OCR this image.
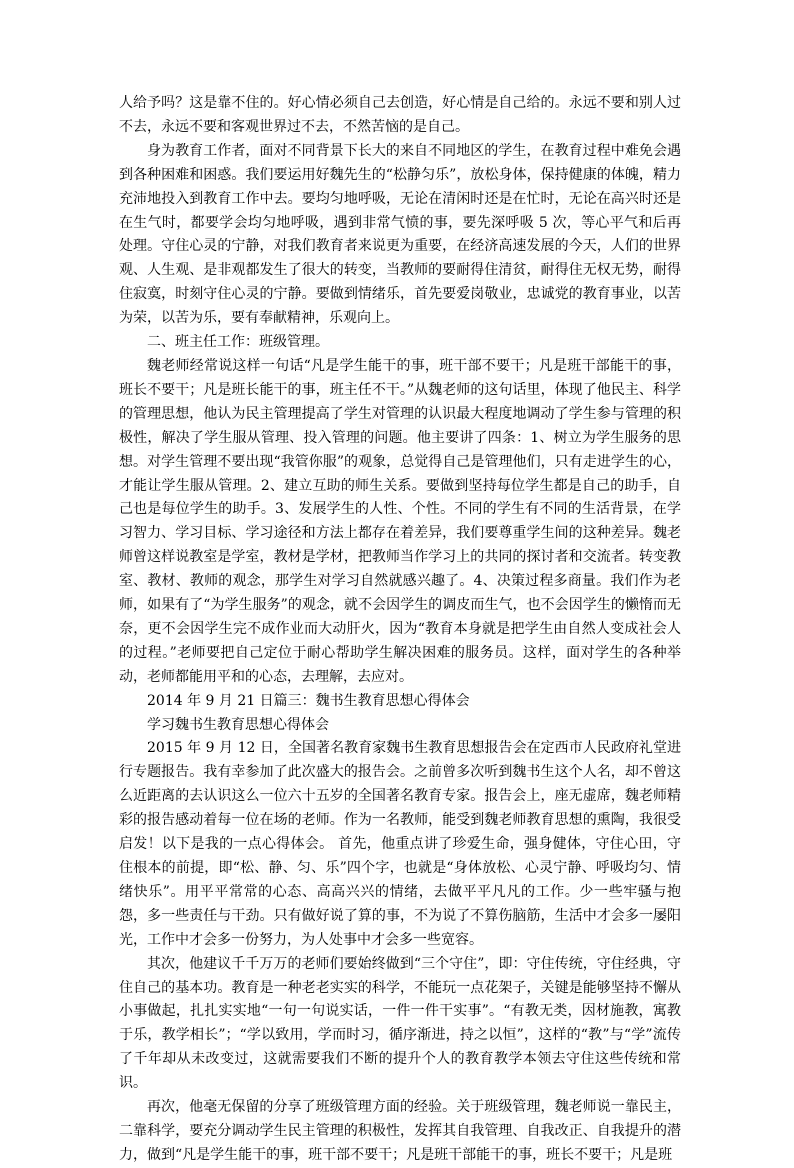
人给予吗？这是靠不住的。好心情必须自己去创造，好心情是自己给的。永远不要和别人过不去，永远不要和客观世界过不去，不然苦恼的是自己。

身为教育工作者，面对不同背景下长大的来自不同地区的学生，在教育过程中难免会遇到各种困难和困惑。我们要运用好魏先生的“松静匀乐”，放松身体，保持健康的体魄，精力充沛地投入到教育工作中去。要均匀地呼吸，无论在清闲时还是在忙时，无论在高兴时还是在生气时，都要学会均匀地呼吸，遇到非常气愤的事，要先深呼吸 5 次，等心平气和后再处理。守住心灵的宁静，对我们教育者来说更为重要，在经济高速发展的今天，人们的世界观、人生观、是非观都发生了很大的转变，当教师的要耐得住清贫，耐得住无权无势，耐得住寂寞，时刻守住心灵的宁静。要做到情绪乐，首先要爱岗敬业，忠诚党的教育事业，以苦为荣，以苦为乐，要有奉献精神，乐观向上。

二、班主任工作：班级管理。

魏老师经常说这样一句话“凡是学生能干的事，班干部不要干；凡是班干部能干的事，班长不要干；凡是班长能干的事，班主任不干。”从魏老师的这句话里，体现了他民主、科学的管理思想，他认为民主管理提高了学生对管理的认识最大程度地调动了学生参与管理的积极性，解决了学生服从管理、投入管理的问题。他主要讲了四条：1、树立为学生服务的思想。对学生管理不要出现“我管你服”的观象，总觉得自己是管理他们，只有走进学生的心，才能让学生服从管理。2、建立互助的师生关系。要做到坚持每位学生都是自己的助手，自己也是每位学生的助手。3、发展学生的人性、个性。不同的学生有不同的生活背景，在学习智力、学习目标、学习途径和方法上都存在着差异，我们要尊重学生间的这种差异。魏老师曾这样说教室是学室，教材是学材，把教师当作学习上的共同的探讨者和交流者。转变教室、教材、教师的观念，那学生对学习自然就感兴趣了。4、决策过程多商量。我们作为老师，如果有了“为学生服务”的观念，就不会因学生的调皮而生气，也不会因学生的懒惰而无奈，更不会因学生完不成作业而大动肝火，因为“教育本身就是把学生由自然人变成社会人的过程。”老师要把自己定位于耐心帮助学生解决困难的服务员。这样，面对学生的各种举动，老师都能用平和的心态，去理解，去应对。

2014 年 9 月 21 日篇三：魏书生教育思想心得体会

学习魏书生教育思想心得体会

2015 年 9 月 12 日，全国著名教育家魏书生教育思想报告会在定西市人民政府礼堂进行专题报告。我有幸参加了此次盛大的报告会。之前曾多次听到魏书生这个人名，却不曾这么近距离的去认识这么一位六十五岁的全国著名教育专家。报告会上，座无虚席，魏老师精彩的报告感动着每一位在场的老师。作为一名教师，能受到魏老师教育思想的熏陶，我很受启发！以下是我的一点心得体会。 首先，他重点讲了珍爱生命，强身健体，守住心田，守住根本的前提，即“松、静、匀、乐”四个字，也就是“身体放松、心灵宁静、呼吸均匀、情绪快乐”。用平平常常的心态、高高兴兴的情绪，去做平平凡凡的工作。少一些牢骚与抱怨，多一些责任与干劲。只有做好说了算的事，不为说了不算伤脑筋，生活中才会多一屡阳光，工作中才会多一份努力，为人处事中才会多一些宽容。

其次，他建议千千万万的老师们要始终做到“三个守住”，即：守住传统，守住经典，守住自己的基本功。教育是一种老老实实的科学，不能玩一点花架子，关键是能够坚持不懈从小事做起，扎扎实实地“一句一句说实话，一件一件干实事”。“有教无类，因材施教，寓教于乐，教学相长”；“学以致用，学而时习，循序渐进，持之以恒”，这样的“教”与“学”流传了千年却从未改变过，这就需要我们不断的提升个人的教育教学本领去守住这些传统和常识。

再次，他毫无保留的分享了班级管理方面的经验。关于班级管理，魏老师说一靠民主，二靠科学，要充分调动学生民主管理的积极性，发挥其自我管理、自我改正、自我提升的潜力，做到“凡是学生能干的事，班干部不要干；凡是班干部能干的事，班长不要干；凡是班
